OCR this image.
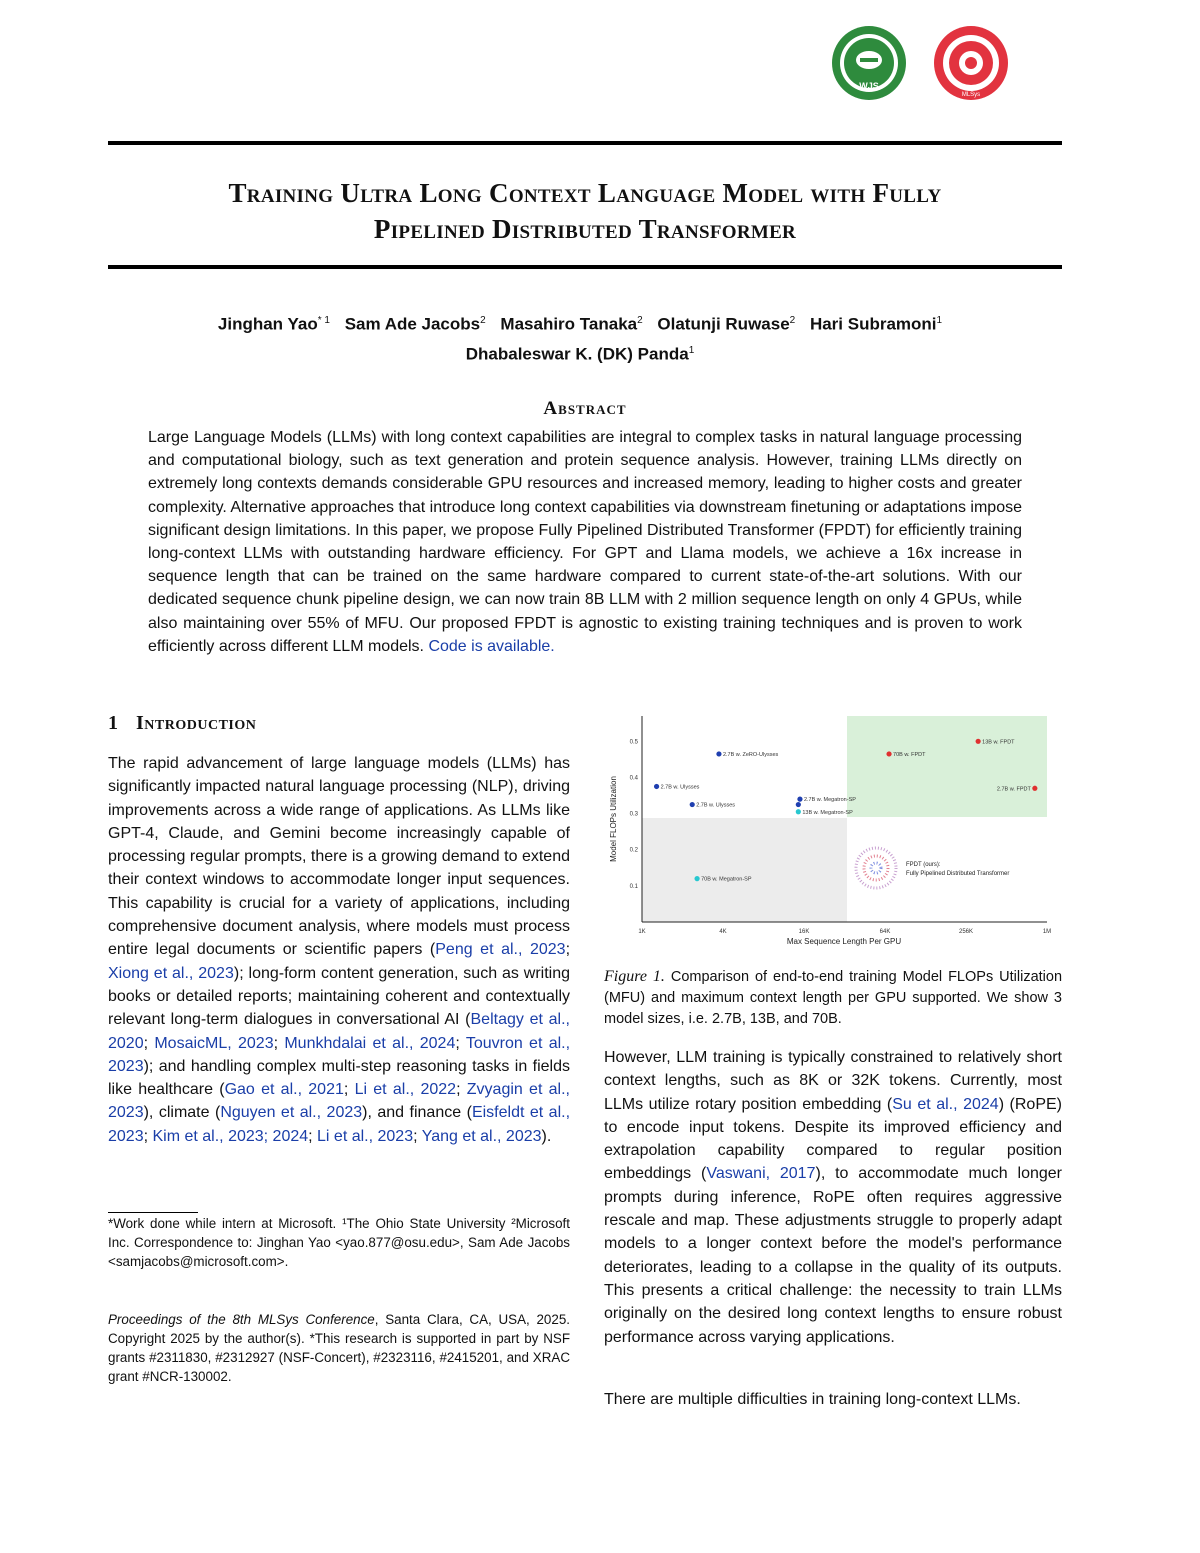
WJS
MLSys
Training Ultra Long Context Language Model with Fully
Pipelined Distributed Transformer
Jinghan Yao$^{* 1}$ Sam Ade Jacobs$^2$ Masahiro Tanaka$^2$ Olatunji Ruwase$^2$ Hari Subramoni$^1$
Dhabaleswar K. (DK) Panda$^1$
Abstract
Large Language Models (LLMs) with long context capabilities are integral to complex tasks in natural language processing and computational biology, such as text generation and protein sequence analysis. However, training LLMs directly on extremely long contexts demands considerable GPU resources and increased memory, leading to higher costs and greater complexity. Alternative approaches that introduce long context capabilities via downstream finetuning or adaptations impose significant design limitations. In this paper, we propose Fully Pipelined Distributed Transformer (FPDT) for efficiently training long-context LLMs with outstanding hardware efficiency. For GPT and Llama models, we achieve a 16x increase in sequence length that can be trained on the same hardware compared to current state-of-the-art solutions. With our dedicated sequence chunk pipeline design, we can now train 8B LLM with 2 million sequence length on only 4 GPUs, while also maintaining over 55% of MFU. Our proposed FPDT is agnostic to existing training techniques and is proven to work efficiently across different LLM models. Code is available.
1 Introduction
The rapid advancement of large language models (LLMs) has significantly impacted natural language processing (NLP), driving improvements across a wide range of applications. As LLMs like GPT-4, Claude, and Gemini become increasingly capable of processing regular prompts, there is a growing demand to extend their context windows to accommodate longer input sequences. This capability is crucial for a variety of applications, including comprehensive document analysis, where models must process entire legal documents or scientific papers (Peng et al., 2023; Xiong et al., 2023); long-form content generation, such as writing books or detailed reports; maintaining coherent and contextually relevant long-term dialogues in conversational AI (Beltagy et al., 2020; MosaicML, 2023; Munkhdalai et al., 2024; Touvron et al., 2023); and handling complex multi-step reasoning tasks in fields like healthcare (Gao et al., 2021; Li et al., 2022; Zvyagin et al., 2023), climate (Nguyen et al., 2023), and finance (Eisfeldt et al., 2023; Kim et al., 2023; 2024; Li et al., 2023; Yang et al., 2023).
*Work done while intern at Microsoft. ¹The Ohio State University ²Microsoft Inc. Correspondence to: Jinghan Yao <yao.877@osu.edu>, Sam Ade Jacobs <samjacobs@microsoft.com>.
Proceedings of the 8th MLSys Conference, Santa Clara, CA, USA, 2025. Copyright 2025 by the author(s). *This research is supported in part by NSF grants #2311830, #2312927 (NSF-Concert), #2323116, #2415201, and XRAC grant #NCR-130002.
1K	4K	16K	64K	256K	1M
0.1
0.2
0.3
0.4
0.5
2.7B w. ZeRO-Ulysses
2.7B w. Ulysses
2.7B w. Ulysses
2.7B w. Megatron-SP
13B w. Megatron-SP
70B w. Megatron-SP
13B w. FPDT
70B w. FPDT
2.7B w. FPDT
Max Sequence Length Per GPU
Model FLOPs Utilization
FPDT (ours):
Fully Pipelined Distributed Transformer
Figure 1. Comparison of end-to-end training Model FLOPs Utilization (MFU) and maximum context length per GPU supported. We show 3 model sizes, i.e. 2.7B, 13B, and 70B.
However, LLM training is typically constrained to relatively short context lengths, such as 8K or 32K tokens. Currently, most LLMs utilize rotary position embedding (Su et al., 2024) (RoPE) to encode input tokens. Despite its improved efficiency and extrapolation capability compared to regular position embeddings (Vaswani, 2017), to accommodate much longer prompts during inference, RoPE often requires aggressive rescale and map. These adjustments struggle to properly adapt models to a longer context before the model's performance deteriorates, leading to a collapse in the quality of its outputs. This presents a critical challenge: the necessity to train LLMs originally on the desired long context lengths to ensure robust performance across varying applications.
There are multiple difficulties in training long-context LLMs.
